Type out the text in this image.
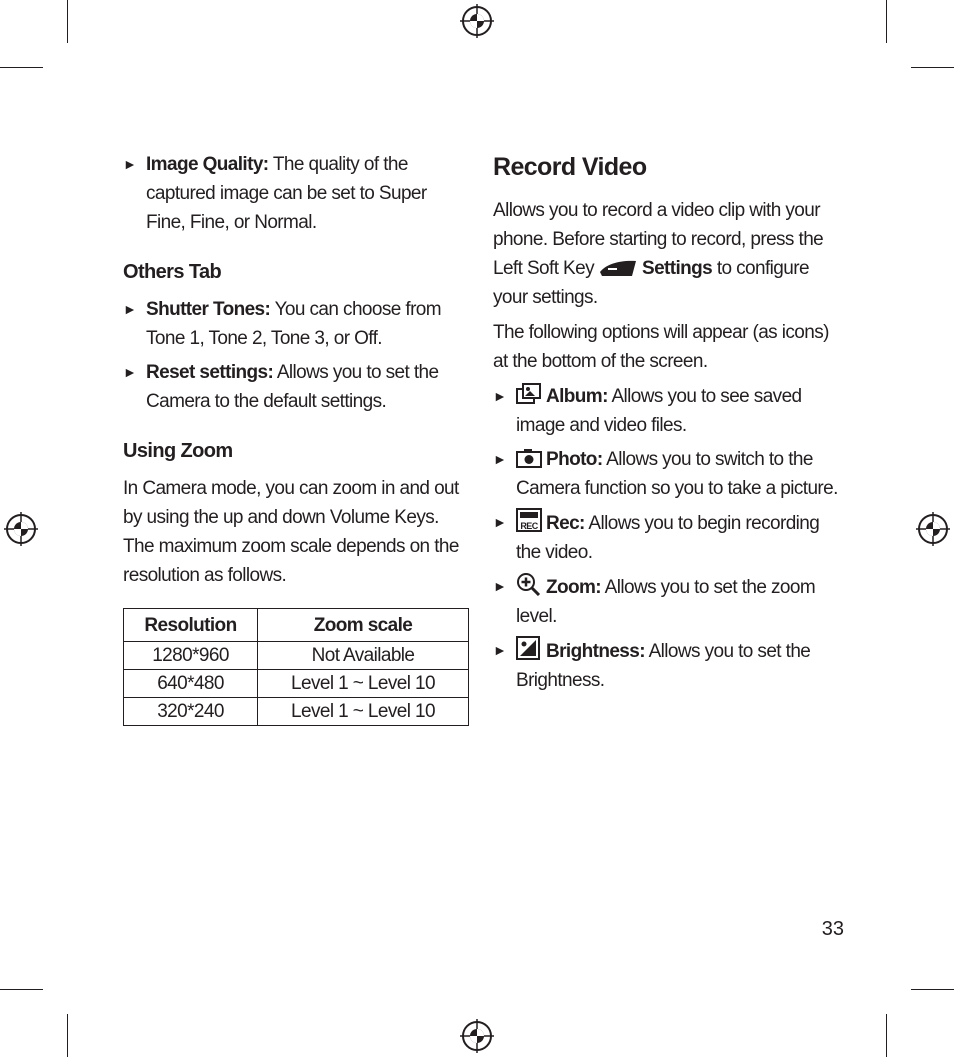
► Image Quality: The quality of the captured image can be set to Super Fine, Fine, or Normal.
Others Tab
► Shutter Tones: You can choose from Tone 1, Tone 2, Tone 3, or Off.
► Reset settings: Allows you to set the Camera to the default settings.
Using Zoom

In Camera mode, you can zoom in and out by using the up and down Volume Keys. The maximum zoom scale depends on the resolution as follows.

Resolution	Zoom scale
1280*960	Not Available
640*480	Level 1 ~ Level 10
320*240	Level 1 ~ Level 10
Record Video

Allows you to record a video clip with your phone. Before starting to record, press the Left Soft Key	Settings to configure your settings.

The following options will appear (as icons) at the bottom of the screen.

► Album: Allows you to see saved image and video files.
► Photo: Allows you to switch to the Camera function so you to take a picture.
► REC Rec: Allows you to begin recording the video.
► Zoom: Allows you to set the zoom level.
► Brightness: Allows you to set the Brightness.
33
